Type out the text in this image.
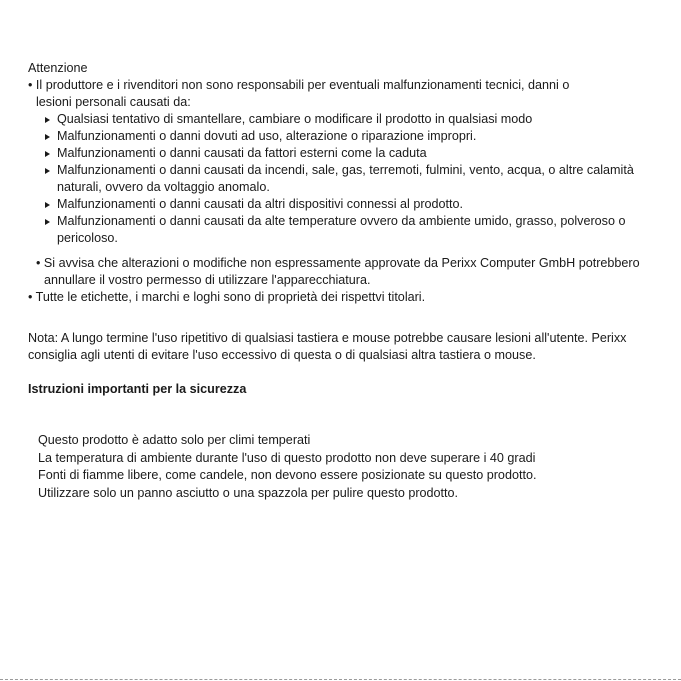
Attenzione

• Il produttore e i rivenditori non sono responsabili per eventuali malfunzionamenti tecnici, danni o

lesioni personali causati da:

Qualsiasi tentativo di smantellare, cambiare o modificare il prodotto in qualsiasi modo
Malfunzionamenti o danni dovuti ad uso, alterazione o riparazione impropri.
Malfunzionamenti o danni causati da fattori esterni come la caduta
Malfunzionamenti o danni causati da incendi, sale, gas, terremoti, fulmini, vento, acqua, o altre calamità naturali, ovvero da voltaggio anomalo.
Malfunzionamenti o danni causati da altri dispositivi connessi al prodotto.
Malfunzionamenti o danni causati da alte temperature ovvero da ambiente umido, grasso, polveroso o pericoloso.

• Si avvisa che alterazioni o modifiche non espressamente approvate da Perixx Computer GmbH potrebbero annullare il vostro permesso di utilizzare l'apparecchiatura.

• Tutte le etichette, i marchi e loghi sono di proprietà dei rispettvi titolari.

Nota: A lungo termine l'uso ripetitivo di qualsiasi tastiera e mouse potrebbe causare lesioni all'utente. Perixx consiglia agli utenti di evitare l'uso eccessivo di questa o di qualsiasi altra tastiera o mouse.

Istruzioni importanti per la sicurezza

Questo prodotto è adatto solo per climi temperati

La temperatura di ambiente durante l'uso di questo prodotto non deve superare i 40 gradi

Fonti di fiamme libere, come candele, non devono essere posizionate su questo prodotto.

Utilizzare solo un panno asciutto o una spazzola per pulire questo prodotto.
